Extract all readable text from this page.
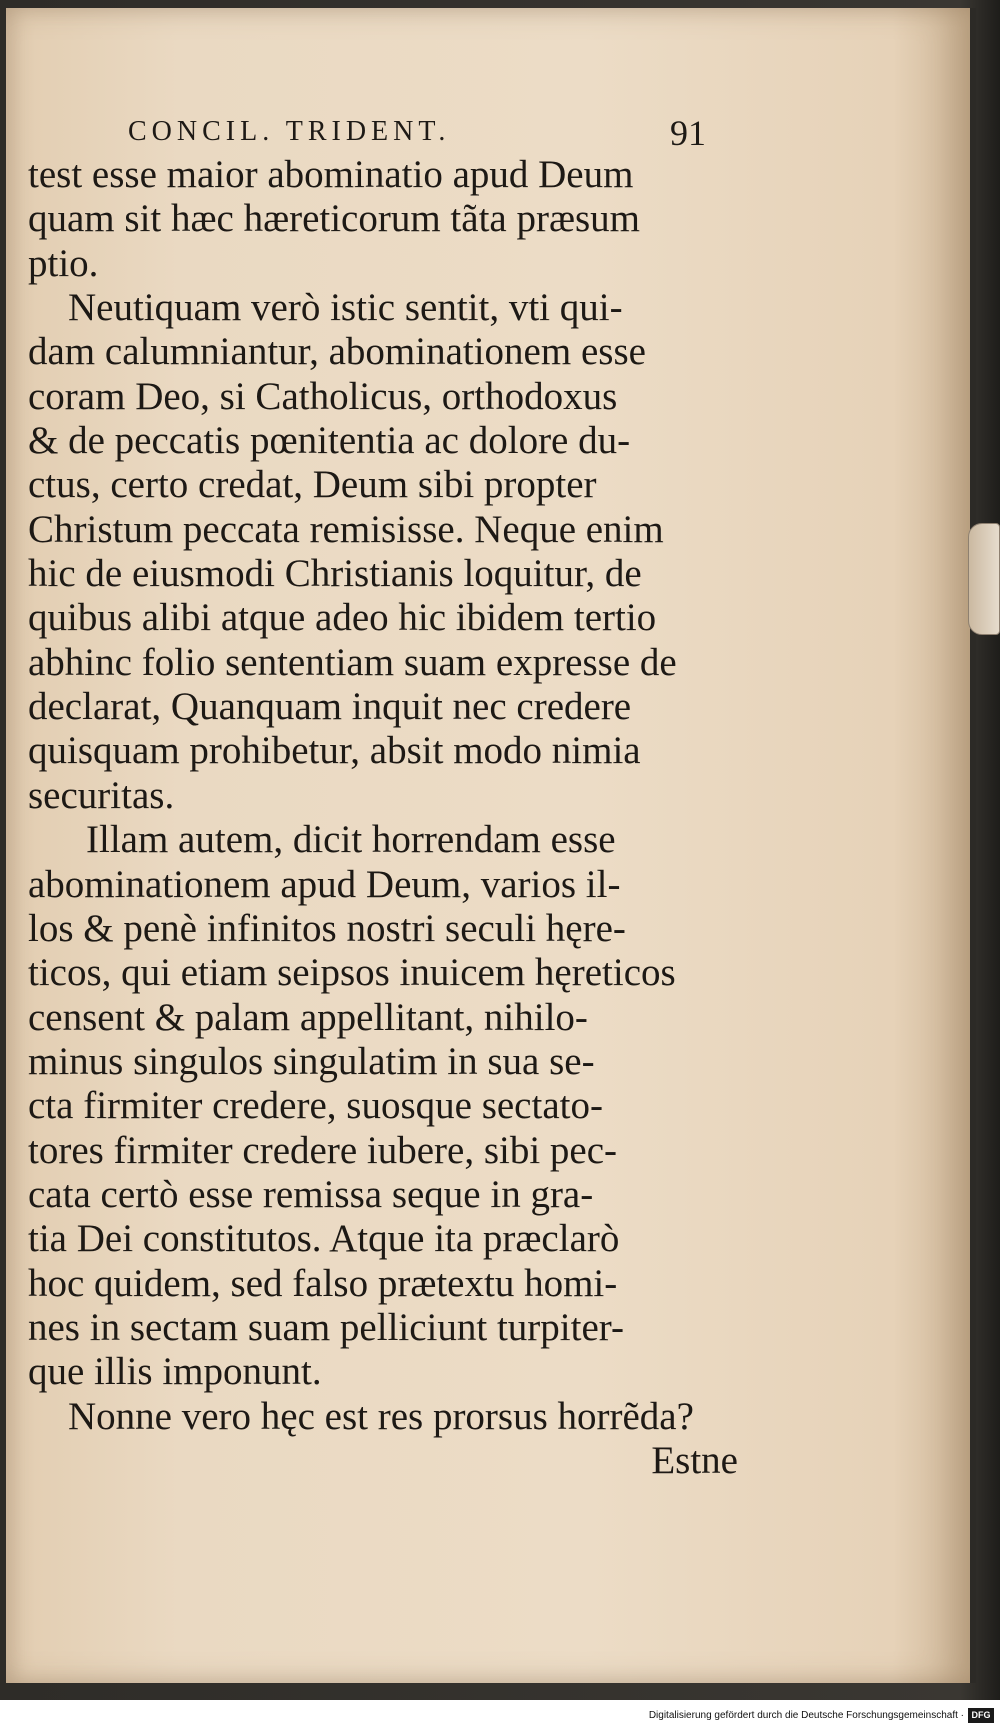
CONCIL. TRIDENT.	91
test esse maior abominatio apud Deum
quam sit hæc hæreticorum tãta præsum
ptio.
Neutiquam verò istic sentit, vti qui-
dam calumniantur, abominationem esse
coram Deo, si Catholicus, orthodoxus
& de peccatis pœnitentia ac dolore du-
ctus, certo credat, Deum sibi propter
Christum peccata remisisse. Neque enim
hic de eiusmodi Christianis loquitur, de
quibus alibi atque adeo hic ibidem tertio
abhinc folio sententiam suam expresse de
declarat, Quanquam inquit nec credere
quisquam prohibetur, absit modo nimia
securitas.
Illam autem, dicit horrendam esse
abominationem apud Deum, varios il-
los & penè infinitos nostri seculi hęre-
ticos, qui etiam seipsos inuicem hęreticos
censent & palam appellitant, nihilo-
minus singulos singulatim in sua se-
cta firmiter credere, suosque sectato-
tores firmiter credere iubere, sibi pec-
cata certò esse remissa seque in gra-
tia Dei constitutos. Atque ita præclarò
hoc quidem, sed falso prætextu homi-
nes in sectam suam pelliciunt turpiter-
que illis imponunt.
Nonne vero hęc est res prorsus horrẽda?
Estne
Digitalisierung gefördert durch die Deutsche Forschungsgemeinschaft · DFG
